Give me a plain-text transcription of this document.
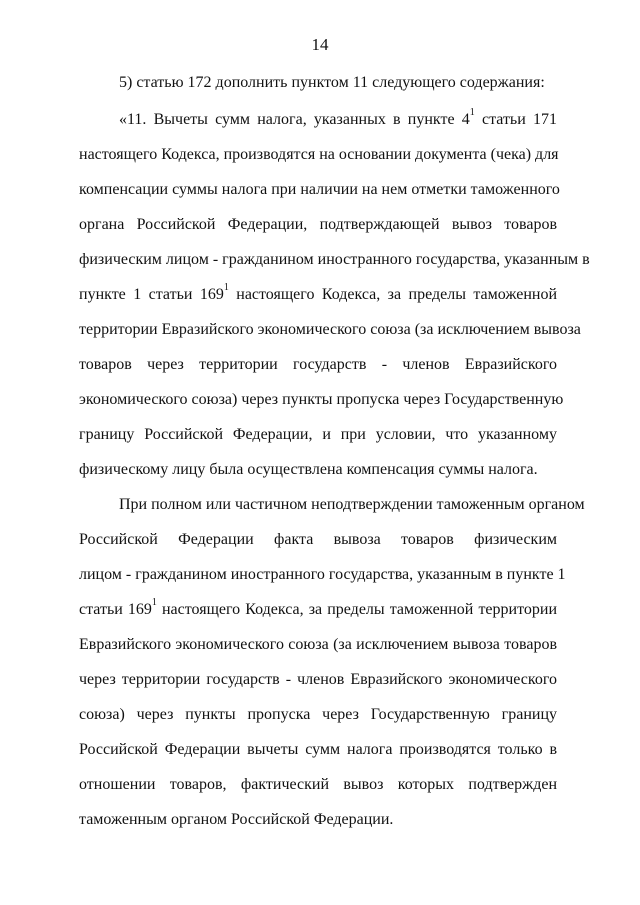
14
5) статью 172 дополнить пунктом 11 следующего содержания:
«11. Вычеты сумм налога, указанных в пункте $4^1$ статьи 171
настоящего Кодекса, производятся на основании документа (чека) для
компенсации суммы налога при наличии на нем отметки таможенного
органа Российской Федерации, подтверждающей вывоз товаров
физическим лицом - гражданином иностранного государства, указанным в
пункте 1 статьи $169^1$ настоящего Кодекса, за пределы таможенной
территории Евразийского экономического союза (за исключением вывоза
товаров через территории государств - членов Евразийского
экономического союза) через пункты пропуска через Государственную
границу Российской Федерации, и при условии, что указанному
физическому лицу была осуществлена компенсация суммы налога.
При полном или частичном неподтверждении таможенным органом
Российской Федерации факта вывоза товаров физическим
лицом - гражданином иностранного государства, указанным в пункте 1
статьи $169^1$ настоящего Кодекса, за пределы таможенной территории
Евразийского экономического союза (за исключением вывоза товаров
через территории государств - членов Евразийского экономического
союза) через пункты пропуска через Государственную границу
Российской Федерации вычеты сумм налога производятся только в
отношении товаров, фактический вывоз которых подтвержден
таможенным органом Российской Федерации.
